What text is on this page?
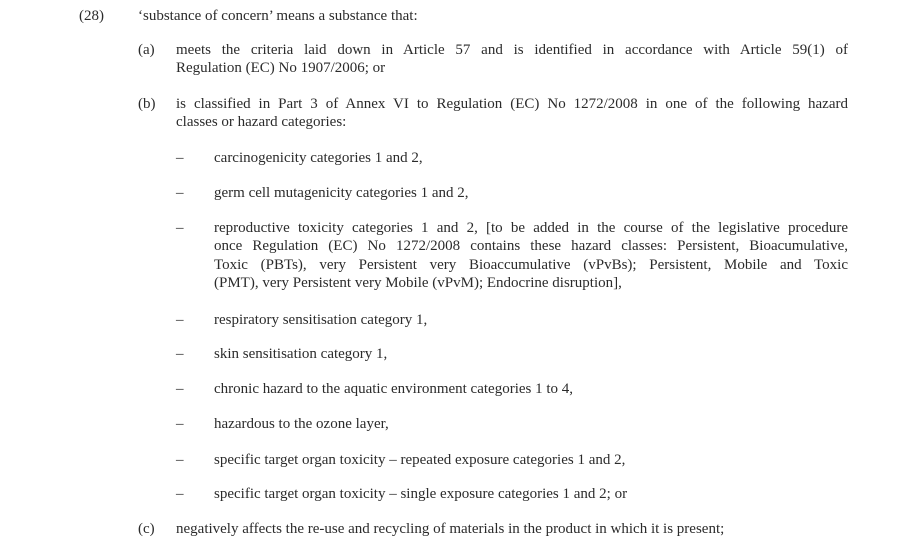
(28) ‘substance of concern’ means a substance that:
(a) meets the criteria laid down in Article 57 and is identified in accordance with Article 59(1) of
Regulation (EC) No 1907/2006; or
(b) is classified in Part 3 of Annex VI to Regulation (EC) No 1272/2008 in one of the following hazard
classes or hazard categories:
– carcinogenicity categories 1 and 2,
– germ cell mutagenicity categories 1 and 2,
– reproductive toxicity categories 1 and 2, [to be added in the course of the legislative procedure
once Regulation (EC) No 1272/2008 contains these hazard classes: Persistent, Bioacumulative,
Toxic (PBTs), very Persistent very Bioaccumulative (vPvBs); Persistent, Mobile and Toxic
(PMT), very Persistent very Mobile (vPvM); Endocrine disruption],
– respiratory sensitisation category 1,
– skin sensitisation category 1,
– chronic hazard to the aquatic environment categories 1 to 4,
– hazardous to the ozone layer,
– specific target organ toxicity – repeated exposure categories 1 and 2,
– specific target organ toxicity – single exposure categories 1 and 2; or
(c) negatively affects the re-use and recycling of materials in the product in which it is present;
